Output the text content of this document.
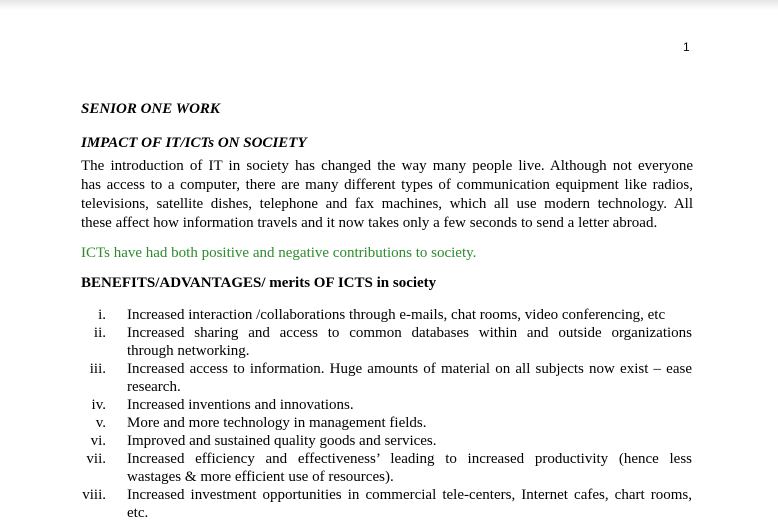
1
SENIOR ONE WORK
IMPACT OF IT/ICTs ON SOCIETY
The introduction of IT in society has changed the way many people live. Although not everyone
has access to a computer, there are many different types of communication equipment like radios,
televisions, satellite dishes, telephone and fax machines, which all use modern technology. All
these affect how information travels and it now takes only a few seconds to send a letter abroad.
ICTs have had both positive and negative contributions to society.
BENEFITS/ADVANTAGES/ merits OF ICTS in society
i. Increased interaction /collaborations through e-mails, chat rooms, video conferencing, etc
ii. Increased sharing and access to common databases within and outside organizations
through networking.
iii. Increased access to information. Huge amounts of material on all subjects now exist – ease
research.
iv. Increased inventions and innovations.
v. More and more technology in management fields.
vi. Improved and sustained quality goods and services.
vii. Increased efficiency and effectiveness’ leading to increased productivity (hence less
wastages & more efficient use of resources).
viii. Increased investment opportunities in commercial tele-centers, Internet cafes, chart rooms,
etc.
